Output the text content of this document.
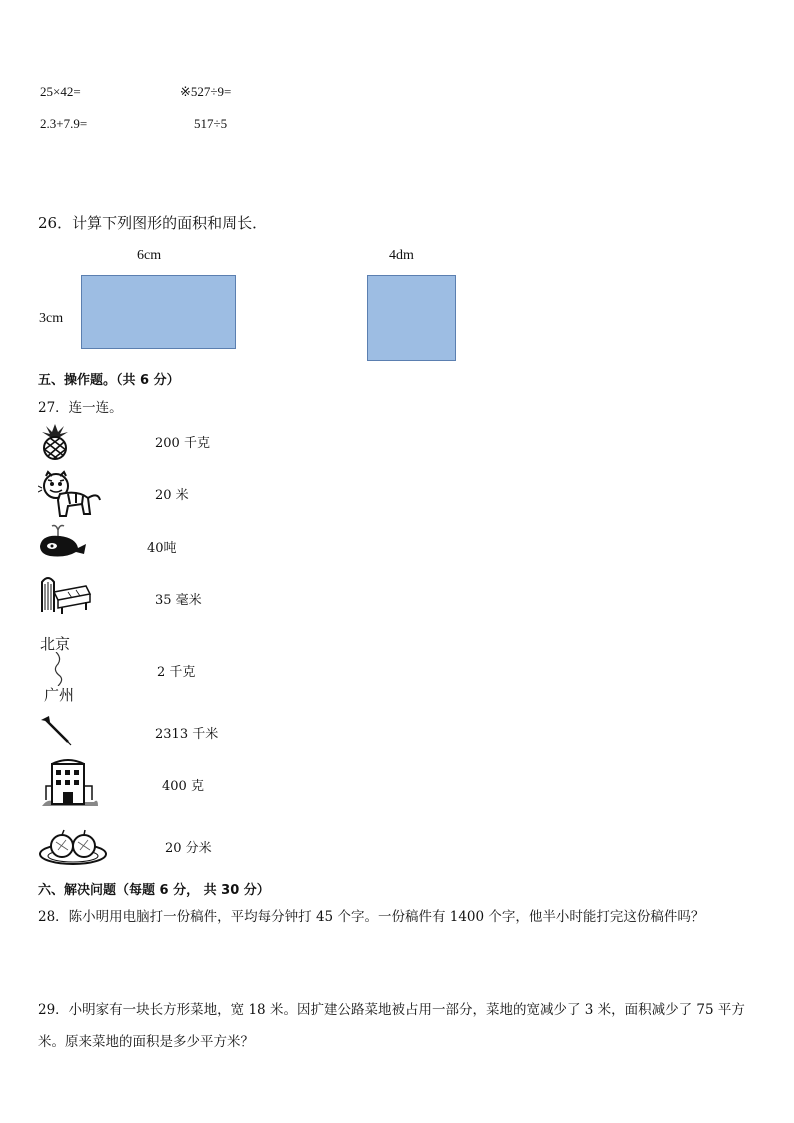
25×42=	※527÷9=
2.3+7.9=	517÷5
26．计算下列图形的面积和周长．
6cm
3cm
4dm
五、操作题。（共 6 分）
27．连一连。
200 千克
20 米
40吨
35 毫米
北京
广州
2 千克
2313 千米
400 克
20 分米
六、解决问题（每题 6 分， 共 30 分）
28．陈小明用电脑打一份稿件，平均每分钟打 45 个字。一份稿件有 1400 个字，他半小时能打完这份稿件吗？
29．小明家有一块长方形菜地，宽 18 米。因扩建公路菜地被占用一部分，菜地的宽减少了 3 米，面积减少了 75 平方
米。原来菜地的面积是多少平方米？
